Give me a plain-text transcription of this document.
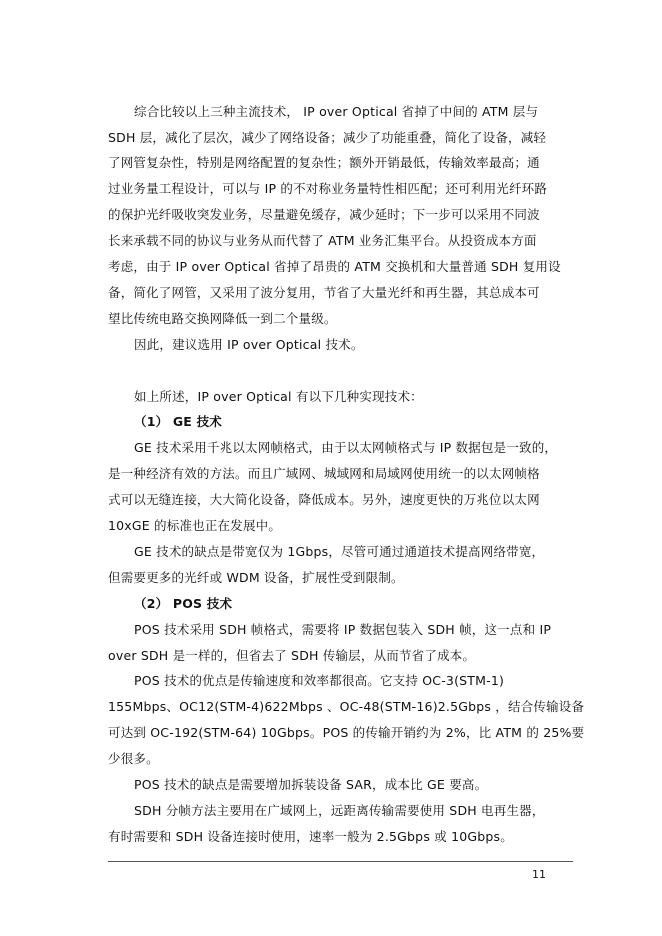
综合比较以上三种主流技术， IP over Optical 省掉了中间的 ATM 层与
SDH 层，减化了层次，减少了网络设备；减少了功能重叠，简化了设备，减轻
了网管复杂性，特别是网络配置的复杂性；额外开销最低，传输效率最高；通
过业务量工程设计，可以与 IP 的不对称业务量特性相匹配；还可利用光纤环路
的保护光纤吸收突发业务，尽量避免缓存，减少延时；下一步可以采用不同波
长来承载不同的协议与业务从而代替了 ATM 业务汇集平台。从投资成本方面
考虑，由于 IP over Optical 省掉了昂贵的 ATM 交换机和大量普通 SDH 复用设
备，简化了网管，又采用了波分复用，节省了大量光纤和再生器，其总成本可
望比传统电路交换网降低一到二个量级。
因此，建议选用 IP over Optical 技术。
如上所述，IP over Optical 有以下几种实现技术：
（1） GE 技术
GE 技术采用千兆以太网帧格式，由于以太网帧格式与 IP 数据包是一致的，
是一种经济有效的方法。而且广域网、城域网和局域网使用统一的以太网帧格
式可以无缝连接，大大简化设备，降低成本。另外，速度更快的万兆位以太网
10xGE 的标准也正在发展中。
GE 技术的缺点是带宽仅为 1Gbps，尽管可通过通道技术提高网络带宽，
但需要更多的光纤或 WDM 设备，扩展性受到限制。
（2） POS 技术
POS 技术采用 SDH 帧格式，需要将 IP 数据包装入 SDH 帧，这一点和 IP
over SDH 是一样的，但省去了 SDH 传输层，从而节省了成本。
POS 技术的优点是传输速度和效率都很高。它支持 OC-3(STM-1)
155Mbps、OC12(STM-4)622Mbps 、OC-48(STM-16)2.5Gbps ，结合传输设备
可达到 OC-192(STM-64) 10Gbps。POS 的传输开销约为 2%，比 ATM 的 25%要
少很多。
POS 技术的缺点是需要增加拆装设备 SAR，成本比 GE 要高。
SDH 分帧方法主要用在广域网上，远距离传输需要使用 SDH 电再生器，
有时需要和 SDH 设备连接时使用，速率一般为 2.5Gbps 或 10Gbps。
11
